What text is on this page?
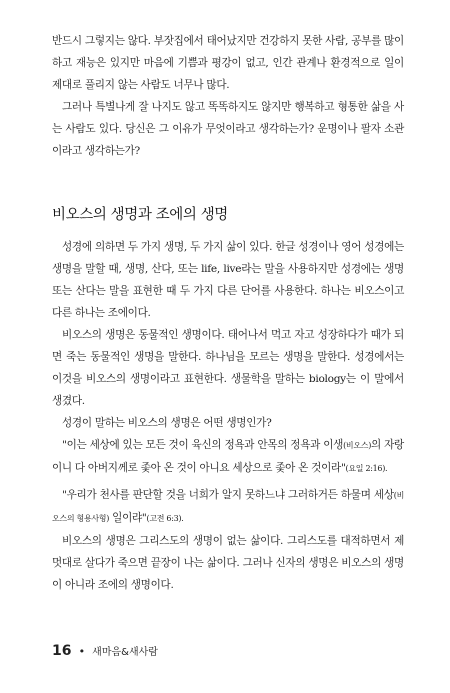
반드시 그렇지는 않다. 부잣집에서 태어났지만 건강하지 못한 사람, 공부를 많이 하고 재능은 있지만 마음에 기쁨과 평강이 없고, 인간 관계나 환경적으로 일이 제대로 풀리지 않는 사람도 너무나 많다.

그러나 특별나게 잘 나지도 않고 똑똑하지도 않지만 행복하고 형통한 삶을 사는 사람도 있다. 당신은 그 이유가 무엇이라고 생각하는가? 운명이나 팔자 소관이라고 생각하는가?

비오스의 생명과 조에의 생명

성경에 의하면 두 가지 생명, 두 가지 삶이 있다. 한글 성경이나 영어 성경에는 생명을 말할 때, 생명, 산다, 또는 life, live라는 말을 사용하지만 성경에는 생명 또는 산다는 말을 표현한 때 두 가지 다른 단어를 사용한다. 하나는 비오스이고 다른 하나는 조에이다.

비오스의 생명은 동물적인 생명이다. 태어나서 먹고 자고 성장하다가 때가 되면 죽는 동물적인 생명을 말한다. 하나님을 모르는 생명을 말한다. 성경에서는 이것을 비오스의 생명이라고 표현한다. 생물학을 말하는 biology는 이 말에서 생겼다.

성경이 말하는 비오스의 생명은 어떤 생명인가?

"이는 세상에 있는 모든 것이 육신의 정욕과 안목의 정욕과 이생(비오스)의 자랑이니 다 아버지께로 좇아 온 것이 아니요 세상으로 좇아 온 것이라"(요일 2:16).

"우리가 천사를 판단할 것을 너희가 알지 못하느냐 그러하거든 하물며 세상(비오스의 형용사형) 일이랴"(고전 6:3).

비오스의 생명은 그리스도의 생명이 없는 삶이다. 그리스도를 대적하면서 제 멋대로 살다가 죽으면 끝장이 나는 삶이다. 그러나 신자의 생명은 비오스의 생명이 아니라 조에의 생명이다.

16 • 새마음&새사람
